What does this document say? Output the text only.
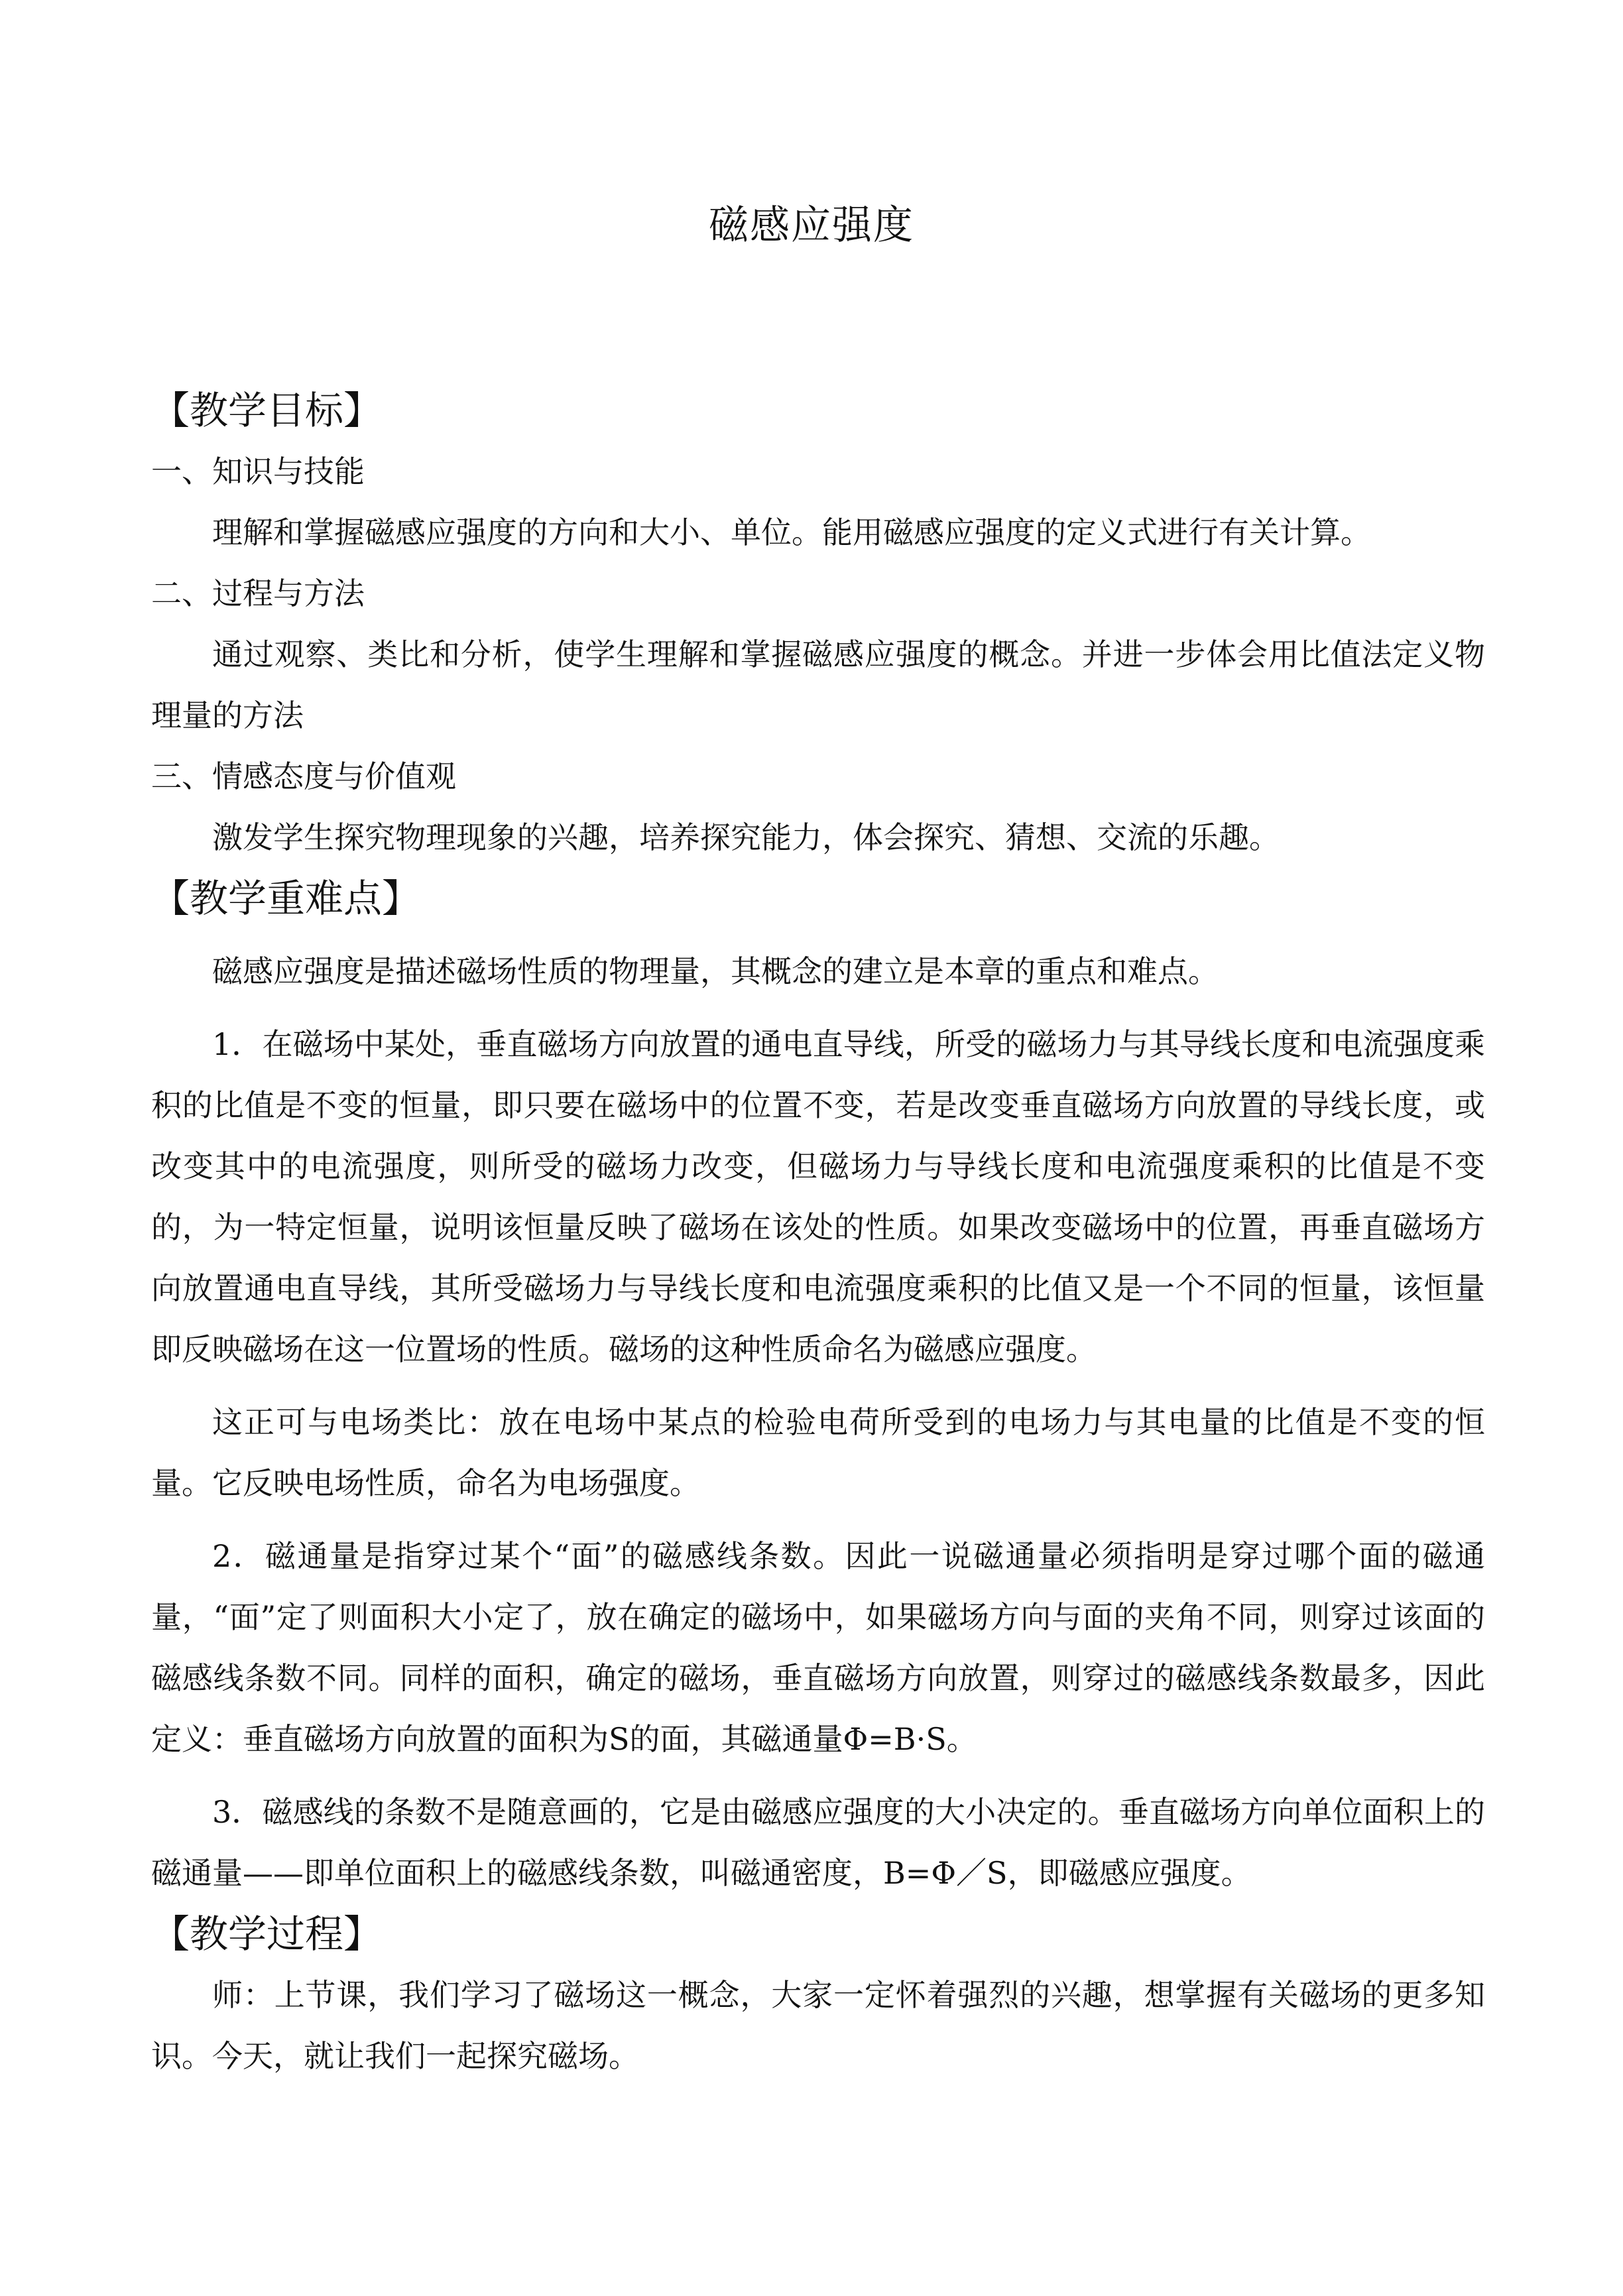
磁感应强度

【教学目标】

一、知识与技能

理解和掌握磁感应强度的方向和大小、单位。能用磁感应强度的定义式进行有关计算。

二、过程与方法

通过观察、类比和分析，使学生理解和掌握磁感应强度的概念。并进一步体会用比值法定义物理量的方法

三、情感态度与价值观

激发学生探究物理现象的兴趣，培养探究能力，体会探究、猜想、交流的乐趣。

【教学重难点】

磁感应强度是描述磁场性质的物理量，其概念的建立是本章的重点和难点。

1．在磁场中某处，垂直磁场方向放置的通电直导线，所受的磁场力与其导线长度和电流强度乘积的比值是不变的恒量，即只要在磁场中的位置不变，若是改变垂直磁场方向放置的导线长度，或改变其中的电流强度，则所受的磁场力改变，但磁场力与导线长度和电流强度乘积的比值是不变的，为一特定恒量，说明该恒量反映了磁场在该处的性质。如果改变磁场中的位置，再垂直磁场方向放置通电直导线，其所受磁场力与导线长度和电流强度乘积的比值又是一个不同的恒量，该恒量即反映磁场在这一位置场的性质。磁场的这种性质命名为磁感应强度。

这正可与电场类比：放在电场中某点的检验电荷所受到的电场力与其电量的比值是不变的恒量。它反映电场性质，命名为电场强度。

2．磁通量是指穿过某个“面”的磁感线条数。因此一说磁通量必须指明是穿过哪个面的磁通量，“面”定了则面积大小定了，放在确定的磁场中，如果磁场方向与面的夹角不同，则穿过该面的磁感线条数不同。同样的面积，确定的磁场，垂直磁场方向放置，则穿过的磁感线条数最多，因此定义：垂直磁场方向放置的面积为S的面，其磁通量Φ=B·S。

3．磁感线的条数不是随意画的，它是由磁感应强度的大小决定的。垂直磁场方向单位面积上的磁通量——即单位面积上的磁感线条数，叫磁通密度，B=Φ／S，即磁感应强度。

【教学过程】

师：上节课，我们学习了磁场这一概念，大家一定怀着强烈的兴趣，想掌握有关磁场的更多知识。今天，就让我们一起探究磁场。
